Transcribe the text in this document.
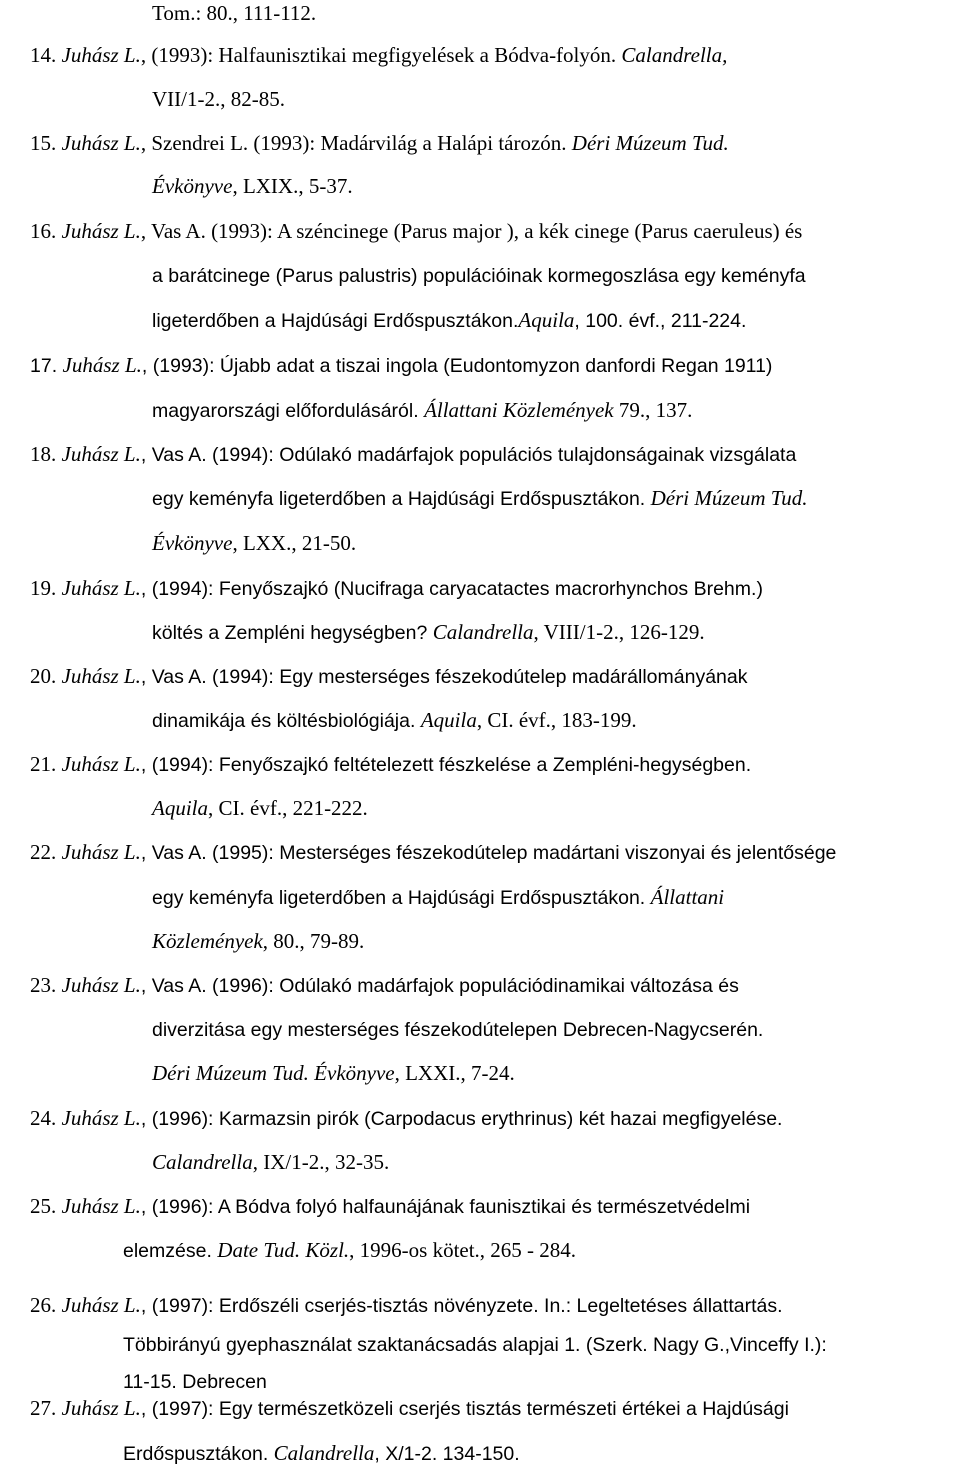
Tom.: 80., 111-112.
14. Juhász L., (1993): Halfaunisztikai megfigyelések a Bódva-folyón. Calandrella,
VII/1-2., 82-85.
15. Juhász L., Szendrei L. (1993): Madárvilág a Halápi tározón. Déri Múzeum Tud.
Évkönyve, LXIX., 5-37.
16. Juhász L., Vas A. (1993): A széncinege (Parus major ), a kék cinege (Parus caeruleus) és
a barátcinege (Parus palustris) populációinak kormegoszlása egy keményfa
ligeterdőben a Hajdúsági Erdőspusztákon.Aquila, 100. évf., 211-224.
17. Juhász L., (1993): Újabb adat a tiszai ingola (Eudontomyzon danfordi Regan 1911)
magyarországi előfordulásáról. Állattani Közlemények 79., 137.
18. Juhász L., Vas A. (1994): Odúlakó madárfajok populációs tulajdonságainak vizsgálata
egy keményfa ligeterdőben a Hajdúsági Erdőspusztákon. Déri Múzeum Tud.
Évkönyve, LXX., 21-50.
19. Juhász L., (1994): Fenyőszajkó (Nucifraga caryacatactes macrorhynchos Brehm.)
költés a Zempléni hegységben? Calandrella, VIII/1-2., 126-129.
20. Juhász L., Vas A. (1994): Egy mesterséges fészekodútelep madárállományának
dinamikája és költésbiológiája. Aquila, CI. évf., 183-199.
21. Juhász L., (1994): Fenyőszajkó feltételezett fészkelése a Zempléni-hegységben.
Aquila, CI. évf., 221-222.
22. Juhász L., Vas A. (1995): Mesterséges fészekodútelep madártani viszonyai és jelentősége
egy keményfa ligeterdőben a Hajdúsági Erdőspusztákon. Állattani
Közlemények, 80., 79-89.
23. Juhász L., Vas A. (1996): Odúlakó madárfajok populációdinamikai változása és
diverzitása egy mesterséges fészekodútelepen Debrecen-Nagycserén.
Déri Múzeum Tud. Évkönyve, LXXI., 7-24.
24. Juhász L., (1996): Karmazsin pirók (Carpodacus erythrinus) két hazai megfigyelése.
Calandrella, IX/1-2., 32-35.
25. Juhász L., (1996): A Bódva folyó halfaunájának faunisztikai és természetvédelmi
elemzése. Date Tud. Közl., 1996-os kötet., 265 - 284.
26. Juhász L., (1997): Erdőszéli cserjés-tisztás növényzete. In.: Legeltetéses állattartás.
Többirányú gyephasználat szaktanácsadás alapjai 1. (Szerk. Nagy G.,Vinceffy I.):
11-15. Debrecen
27. Juhász L., (1997): Egy természetközeli cserjés tisztás természeti értékei a Hajdúsági
Erdőspusztákon. Calandrella, X/1-2. 134-150.
